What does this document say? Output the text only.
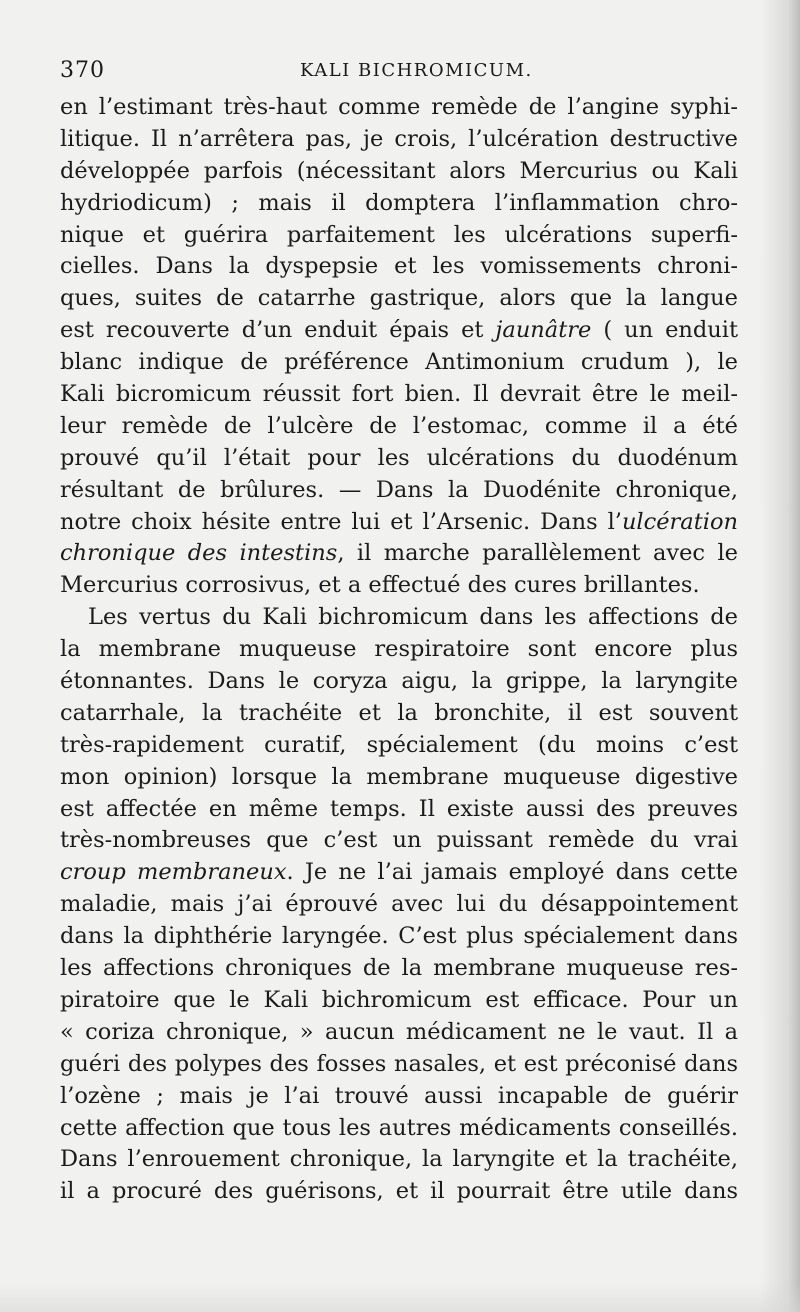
370	KALI BICHROMICUM.
en l’estimant très-haut comme remède de l’angine syphi-
litique. Il n’arrêtera pas, je crois, l’ulcération destructive
développée parfois (nécessitant alors Mercurius ou Kali
hydriodicum) ; mais il domptera l’inflammation chro-
nique et guérira parfaitement les ulcérations superfi-
cielles. Dans la dyspepsie et les vomissements chroni-
ques, suites de catarrhe gastrique, alors que la langue
est recouverte d’un enduit épais et jaunâtre ( un enduit
blanc indique de préférence Antimonium crudum ), le
Kali bicromicum réussit fort bien. Il devrait être le meil-
leur remède de l’ulcère de l’estomac, comme il a été
prouvé qu’il l’était pour les ulcérations du duodénum
résultant de brûlures. — Dans la Duodénite chronique,
notre choix hésite entre lui et l’Arsenic. Dans l’ulcération
chronique des intestins, il marche parallèlement avec le
Mercurius corrosivus, et a effectué des cures brillantes.
Les vertus du Kali bichromicum dans les affections de
la membrane muqueuse respiratoire sont encore plus
étonnantes. Dans le coryza aigu, la grippe, la laryngite
catarrhale, la trachéite et la bronchite, il est souvent
très-rapidement curatif, spécialement (du moins c’est
mon opinion) lorsque la membrane muqueuse digestive
est affectée en même temps. Il existe aussi des preuves
très-nombreuses que c’est un puissant remède du vrai
croup membraneux. Je ne l’ai jamais employé dans cette
maladie, mais j’ai éprouvé avec lui du désappointement
dans la diphthérie laryngée. C’est plus spécialement dans
les affections chroniques de la membrane muqueuse res-
piratoire que le Kali bichromicum est efficace. Pour un
« coriza chronique, » aucun médicament ne le vaut. Il a
guéri des polypes des fosses nasales, et est préconisé dans
l’ozène ; mais je l’ai trouvé aussi incapable de guérir
cette affection que tous les autres médicaments conseillés.
Dans l’enrouement chronique, la laryngite et la trachéite,
il a procuré des guérisons, et il pourrait être utile dans
